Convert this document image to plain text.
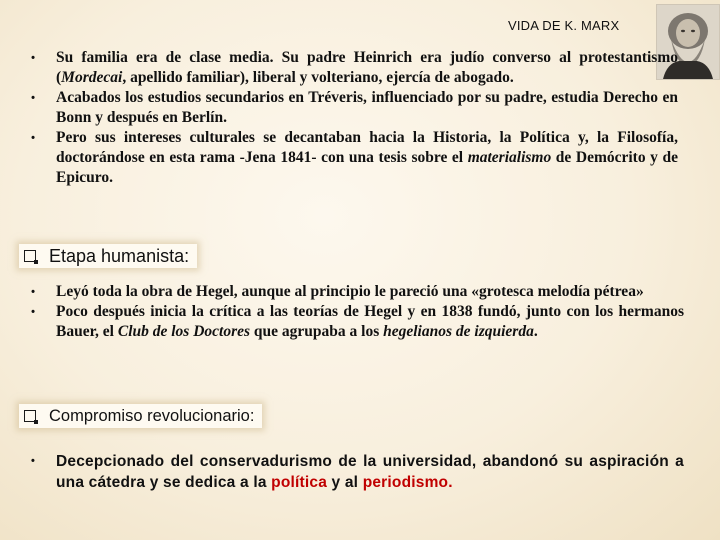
VIDA DE K. MARX
• Su familia era de clase media. Su padre Heinrich era judío converso al protestantismo (Mordecai, apellido familiar), liberal y volteriano, ejercía de abogado.
• Acabados los estudios secundarios en Tréveris, influenciado por su padre, estudia Derecho en Bonn y después en Berlín.
• Pero sus intereses culturales se decantaban hacia la Historia, la Política y, la Filosofía, doctorándose en esta rama -Jena 1841- con una tesis sobre el materialismo de Demócrito y de Epicuro.
Etapa humanista :
• Leyó toda la obra de Hegel, aunque al principio le pareció una «grotesca melodía pétrea»
• Poco después inicia la crítica a las teorías de Hegel y en 1838 fundó, junto con los hermanos Bauer, el Club de los Doctores que agrupaba a los hegelianos de izquierda.
Compromiso revolucionario :
• Decepcionado del conservadurismo de la universidad, abandonó su aspiración a una cátedra y se dedica a la política y al periodismo.
